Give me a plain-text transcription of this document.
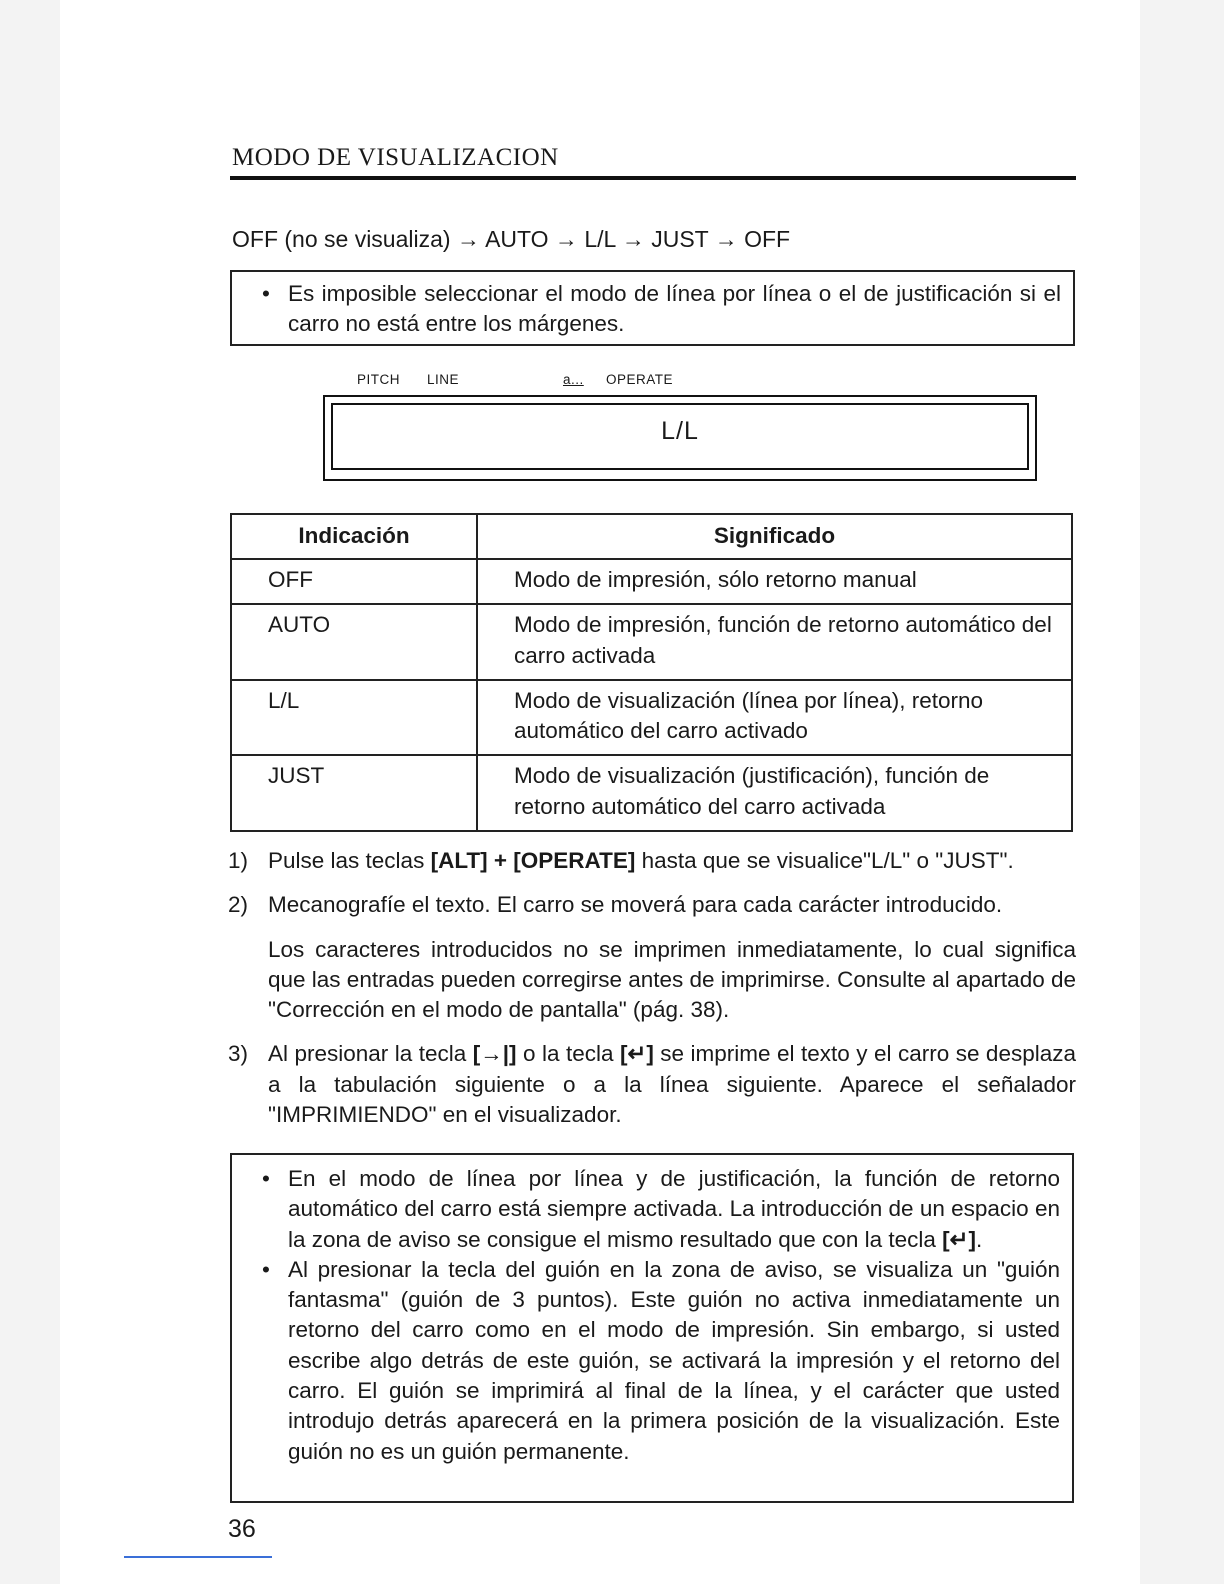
MODO DE VISUALIZACION
OFF (no se visualiza) → AUTO → L/L → JUST → OFF
• Es imposible seleccionar el modo de línea por línea o el de justificación si el carro no está entre los márgenes.
PITCH LINE	a... OPERATE
L/L
Indicación	Significado
OFF	Modo de impresión, sólo retorno manual
AUTO	Modo de impresión, función de retorno automático del carro activada
L/L	Modo de visualización (línea por línea), retorno automático del carro activado
JUST	Modo de visualización (justificación), función de retorno automático del carro activada
1) Pulse las teclas [ALT] + [OPERATE] hasta que se visualice"L/L" o "JUST".

2) Mecanografíe el texto. El carro se moverá para cada carácter introducido.

Los caracteres introducidos no se imprimen inmediatamente, lo cual significa que las entradas pueden corregirse antes de imprimirse. Consulte al apartado de "Corrección en el modo de pantalla" (pág. 38).

3) Al presionar la tecla [→|] o la tecla [↵] se imprime el texto y el carro se desplaza a la tabulación siguiente o a la línea siguiente. Aparece el señalador "IMPRIMIENDO" en el visualizador.

• En el modo de línea por línea y de justificación, la función de retorno automático del carro está siempre activada. La introducción de un espacio en la zona de aviso se consigue el mismo resultado que con la tecla [↵].
• Al presionar la tecla del guión en la zona de aviso, se visualiza un "guión fantasma" (guión de 3 puntos). Este guión no activa inmediatamente un retorno del carro como en el modo de impresión. Sin embargo, si usted escribe algo detrás de este guión, se activará la impresión y el retorno del carro. El guión se imprimirá al final de la línea, y el carácter que usted introdujo detrás aparecerá en la primera posición de la visualización. Este guión no es un guión permanente.
36
